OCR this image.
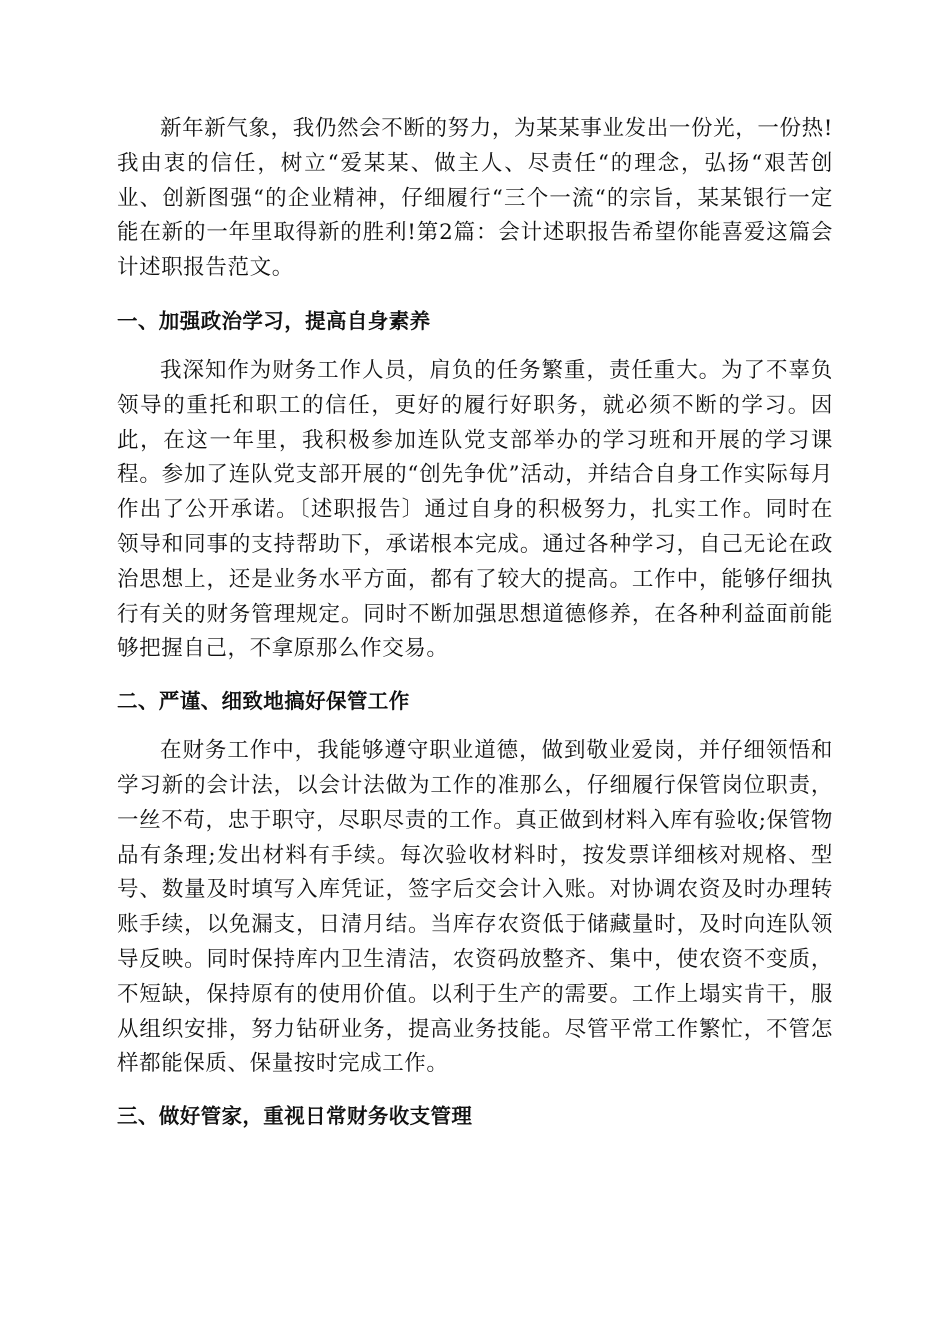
新年新气象，我仍然会不断的努力，为某某事业发出一份光，一份热!我由衷的信任，树立“爱某某、做主人、尽责任“的理念，弘扬“艰苦创业、创新图强“的企业精神，仔细履行“三个一流“的宗旨，某某银行一定能在新的一年里取得新的胜利!第2篇：会计述职报告希望你能喜爱这篇会计述职报告范文。

一、加强政治学习，提高自身素养

我深知作为财务工作人员，肩负的任务繁重，责任重大。为了不辜负领导的重托和职工的信任，更好的履行好职务，就必须不断的学习。因此，在这一年里，我积极参加连队党支部举办的学习班和开展的学习课程。参加了连队党支部开展的“创先争优”活动，并结合自身工作实际每月作出了公开承诺。〔述职报告〕通过自身的积极努力，扎实工作。同时在领导和同事的支持帮助下，承诺根本完成。通过各种学习，自己无论在政治思想上，还是业务水平方面，都有了较大的提高。工作中，能够仔细执行有关的财务管理规定。同时不断加强思想道德修养，在各种利益面前能够把握自己，不拿原那么作交易。

二、严谨、细致地搞好保管工作

在财务工作中，我能够遵守职业道德，做到敬业爱岗，并仔细领悟和学习新的会计法，以会计法做为工作的准那么，仔细履行保管岗位职责，一丝不苟，忠于职守，尽职尽责的工作。真正做到材料入库有验收;保管物品有条理;发出材料有手续。每次验收材料时，按发票详细核对规格、型号、数量及时填写入库凭证，签字后交会计入账。对协调农资及时办理转账手续，以免漏支，日清月结。当库存农资低于储藏量时，及时向连队领导反映。同时保持库内卫生清洁，农资码放整齐、集中，使农资不变质，不短缺，保持原有的使用价值。以利于生产的需要。工作上塌实肯干，服从组织安排，努力钻研业务，提高业务技能。尽管平常工作繁忙，不管怎样都能保质、保量按时完成工作。

三、做好管家，重视日常财务收支管理
